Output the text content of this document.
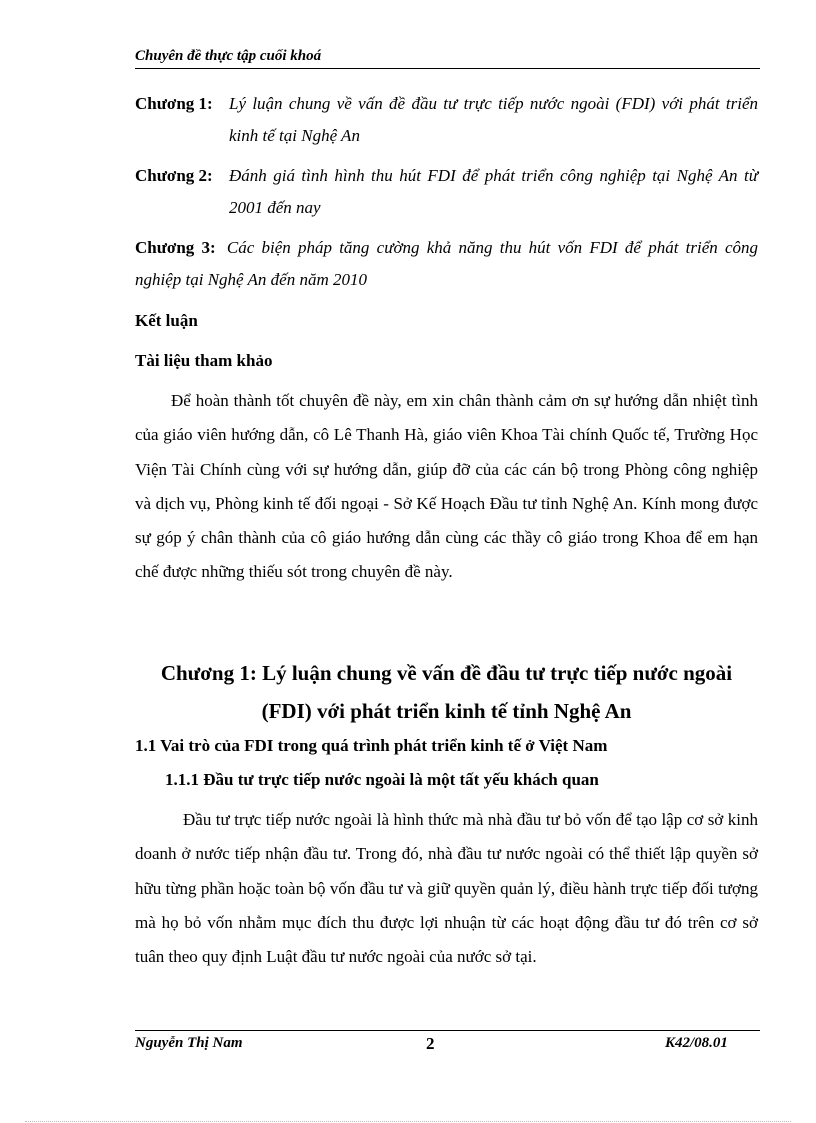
Chuyên đề thực tập cuối khoá
Chương 1: Lý luận chung về vấn đề đầu tư trực tiếp nước ngoài (FDI) với phát triển kinh tế tại Nghệ An
Chương 2: Đánh giá tình hình thu hút FDI để phát triển công nghiệp tại Nghệ An từ 2001 đến nay
Chương 3: Các biện pháp tăng cường khả năng thu hút vốn FDI để phát triển công nghiệp tại Nghệ An đến năm 2010
Kết luận
Tài liệu tham khảo

Để hoàn thành tốt chuyên đề này, em xin chân thành cảm ơn sự hướng dẫn nhiệt tình của giáo viên hướng dẫn, cô Lê Thanh Hà, giáo viên Khoa Tài chính Quốc tế, Trường Học Viện Tài Chính cùng với sự hướng dẫn, giúp đỡ của các cán bộ trong Phòng công nghiệp và dịch vụ, Phòng kinh tế đối ngoại - Sở Kế Hoạch Đầu tư tỉnh Nghệ An. Kính mong được sự góp ý chân thành của cô giáo hướng dẫn cùng các thầy cô giáo trong Khoa để em hạn chế được những thiếu sót trong chuyên đề này.

Chương 1: Lý luận chung về vấn đề đầu tư trực tiếp nước ngoài (FDI) với phát triển kinh tế tỉnh Nghệ An
1.1 Vai trò của FDI trong quá trình phát triển kinh tế ở Việt Nam
1.1.1 Đầu tư trực tiếp nước ngoài là một tất yếu khách quan

Đầu tư trực tiếp nước ngoài là hình thức mà nhà đầu tư bỏ vốn để tạo lập cơ sở kinh doanh ở nước tiếp nhận đầu tư. Trong đó, nhà đầu tư nước ngoài có thể thiết lập quyền sở hữu từng phần hoặc toàn bộ vốn đầu tư và giữ quyền quản lý, điều hành trực tiếp đối tượng mà họ bỏ vốn nhằm mục đích thu được lợi nhuận từ các hoạt động đầu tư đó trên cơ sở tuân theo quy định Luật đầu tư nước ngoài của nước sở tại.

Nguyễn Thị Nam	2	K42/08.01
